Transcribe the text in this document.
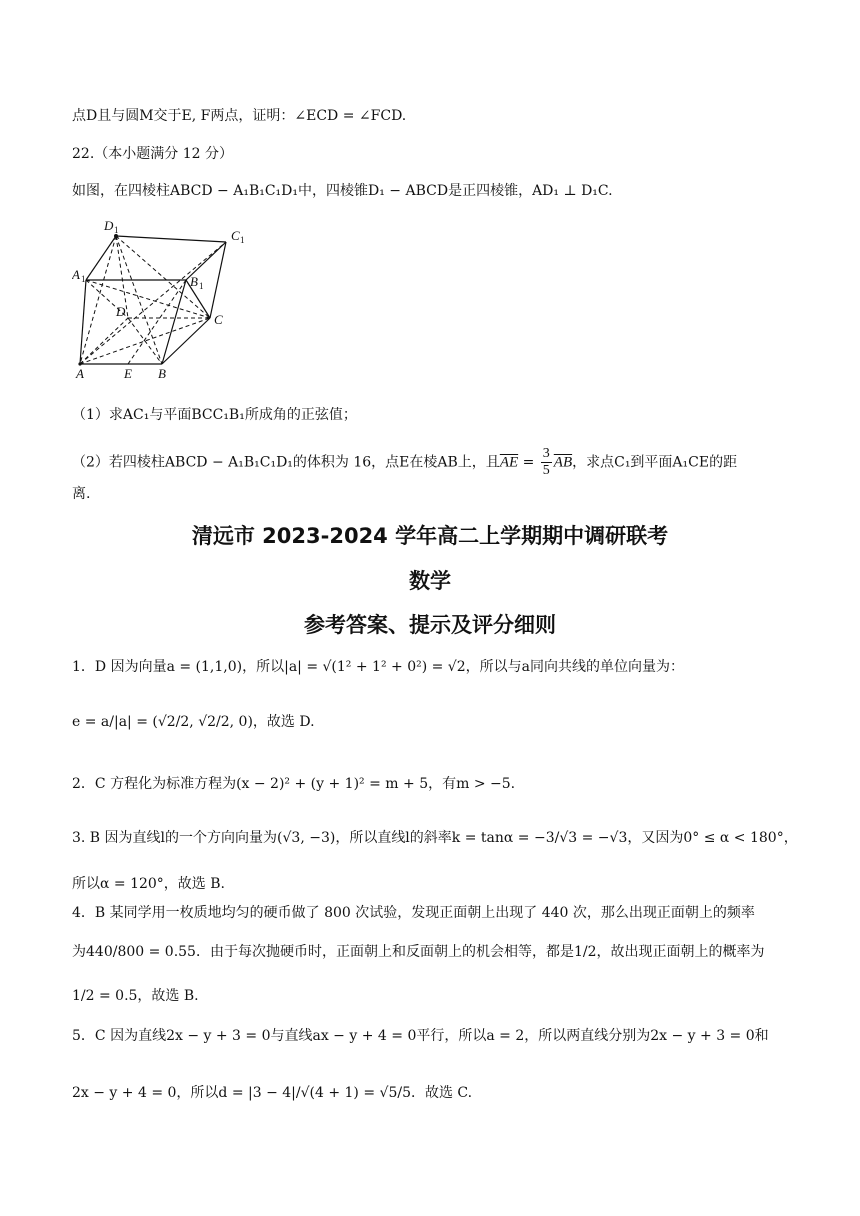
点D且与圆M交于E, F两点，证明：∠ECD = ∠FCD.
22.（本小题满分 12 分）
如图，在四棱柱ABCD − A₁B₁C₁D₁中，四棱锥D₁ − ABCD是正四棱锥，AD₁ ⊥ D₁C.
D 1	C 1
A 1	B 1
D
C
A	E B
（1）求AC₁与平面BCC₁B₁所成角的正弦值；
（2）若四棱柱ABCD − A₁B₁C₁D₁的体积为 16，点E在棱AB上，且$\overline{AE} = \frac{3}{5} \overline{AB}$，求点C₁到平面A₁CE的距
离.
清远市 2023-2024 学年高二上学期期中调研联考
数学
参考答案、提示及评分细则
1．D 因为向量a = (1,1,0)，所以|a| = √(1² + 1² + 0²) = √2，所以与a同向共线的单位向量为：
e = a/|a| = (√2/2, √2/2, 0)，故选 D.
2．C 方程化为标准方程为(x − 2)² + (y + 1)² = m + 5，有m > −5.
3. B 因为直线l的一个方向向量为(√3, −3)，所以直线l的斜率k = tanα = −3/√3 = −√3，又因为0° ≤ α < 180°，
所以α = 120°，故选 B.
4．B 某同学用一枚质地均匀的硬币做了 800 次试验，发现正面朝上出现了 440 次，那么出现正面朝上的频率
为440/800 = 0.55．由于每次抛硬币时，正面朝上和反面朝上的机会相等，都是1/2，故出现正面朝上的概率为
1/2 = 0.5，故选 B.
5．C 因为直线2x − y + 3 = 0与直线ax − y + 4 = 0平行，所以a = 2，所以两直线分别为2x − y + 3 = 0和
2x − y + 4 = 0，所以d = |3 − 4|/√(4 + 1) = √5/5．故选 C.
